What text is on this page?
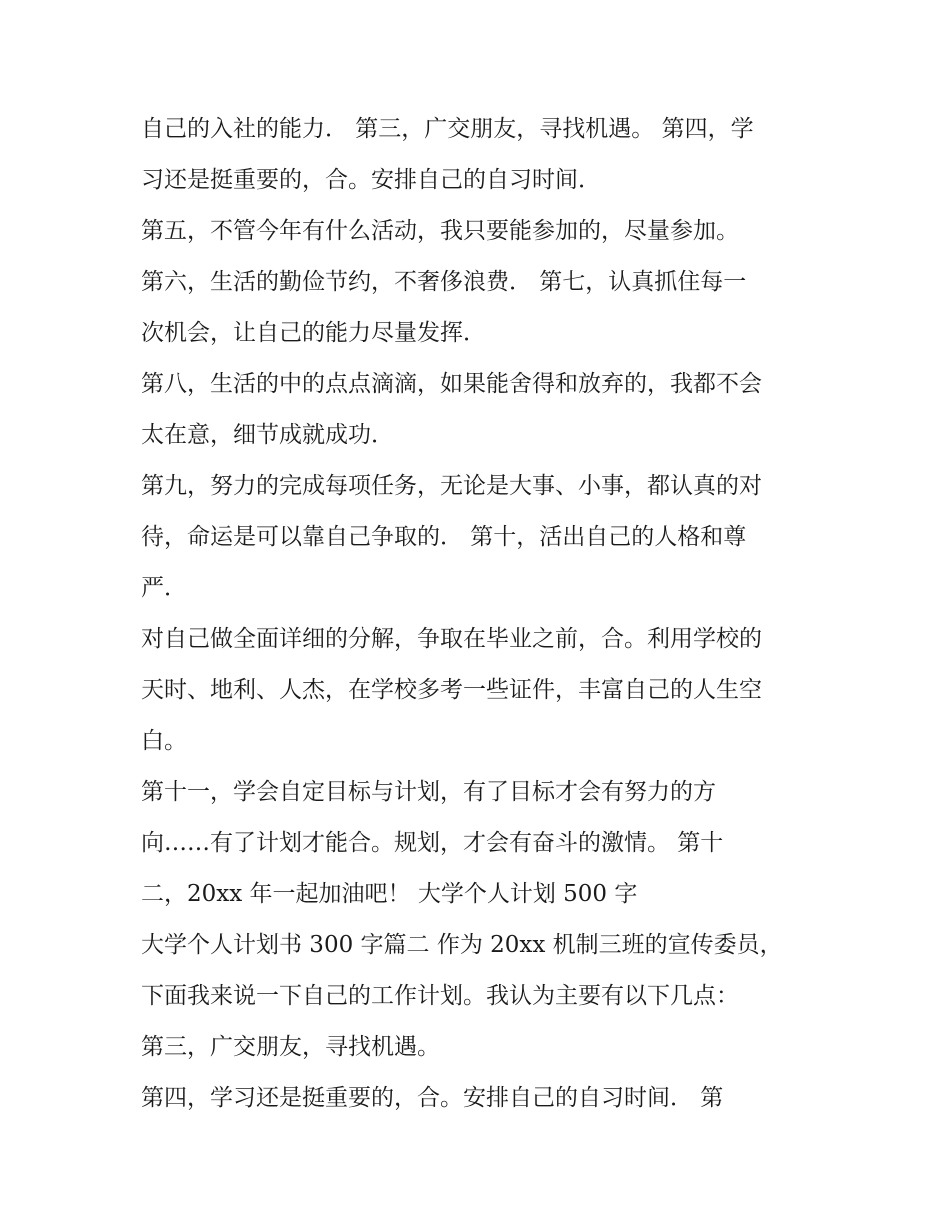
自己的入社的能力． 第三，广交朋友，寻找机遇。 第四，学
习还是挺重要的，合。安排自己的自习时间．
第五，不管今年有什么活动，我只要能参加的，尽量参加。
第六，生活的勤俭节约，不奢侈浪费． 第七，认真抓住每一
次机会，让自己的能力尽量发挥．
第八，生活的中的点点滴滴，如果能舍得和放弃的，我都不会
太在意，细节成就成功．
第九，努力的完成每项任务，无论是大事、小事，都认真的对
待，命运是可以靠自己争取的． 第十，活出自己的人格和尊
严．
对自己做全面详细的分解，争取在毕业之前，合。利用学校的
天时、地利、人杰，在学校多考一些证件，丰富自己的人生空
白。
第十一，学会自定目标与计划，有了目标才会有努力的方
向……有了计划才能合。规划，才会有奋斗的激情。 第十
二，20xx 年一起加油吧！ 大学个人计划 500 字
大学个人计划书 300 字篇二 作为 20xx 机制三班的宣传委员，
下面我来说一下自己的工作计划。我认为主要有以下几点：
第三，广交朋友，寻找机遇。
第四，学习还是挺重要的，合。安排自己的自习时间． 第
